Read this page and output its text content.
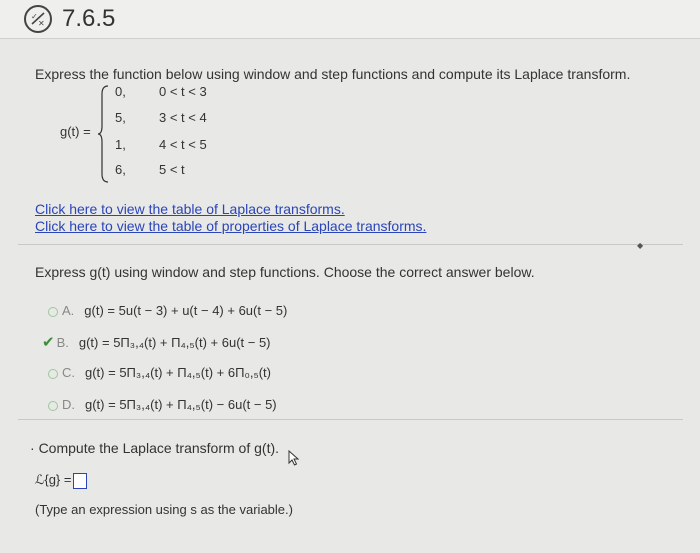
✓
✕ 7.6.5
Express the function below using window and step functions and compute its Laplace transform.
g(t) =
0,	0 < t < 3
5,	3 < t < 4
1,	4 < t < 5
6,	5 < t
Click here to view the table of Laplace transforms.
Click here to view the table of properties of Laplace transforms.
◆
Express g(t) using window and step functions. Choose the correct answer below.
A. g(t) = 5u(t − 3) + u(t − 4) + 6u(t − 5)
✔ B. g(t) = 5Π₃,₄(t) + Π₄,₅(t) + 6u(t − 5)
C. g(t) = 5Π₃,₄(t) + Π₄,₅(t) + 6Π₀,₅(t)
D. g(t) = 5Π₃,₄(t) + Π₄,₅(t) − 6u(t − 5)
· Compute the Laplace transform of g(t).
ℒ{g} =
(Type an expression using s as the variable.)
